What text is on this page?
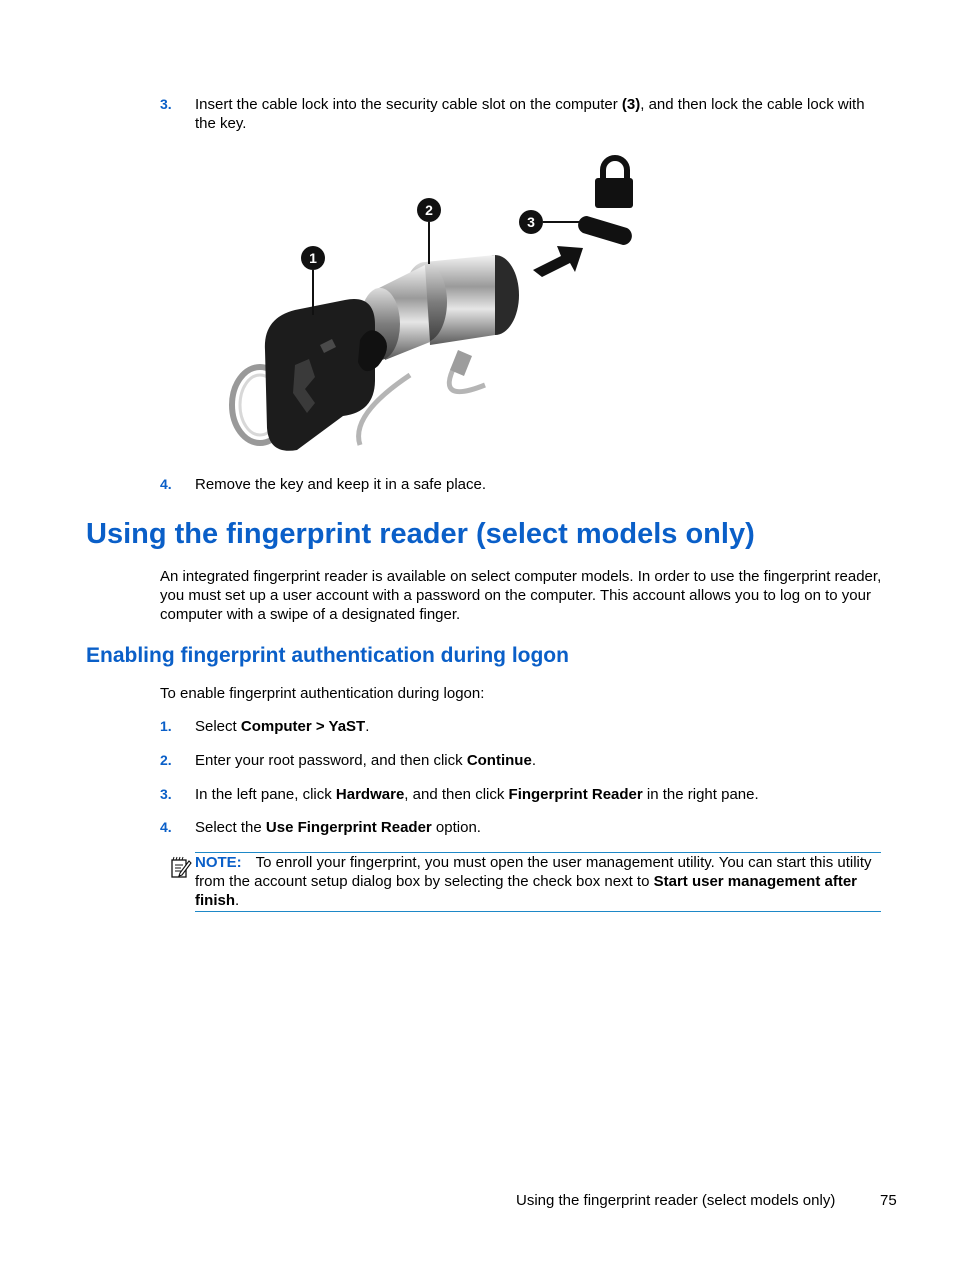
3. Insert the cable lock into the security cable slot on the computer (3), and then lock the cable lock with the key.
1
2
3
4. Remove the key and keep it in a safe place.
Using the fingerprint reader (select models only)
An integrated fingerprint reader is available on select computer models. In order to use the fingerprint reader, you must set up a user account with a password on the computer. This account allows you to log on to your computer with a swipe of a designated finger.
Enabling fingerprint authentication during logon
To enable fingerprint authentication during logon:
1. Select Computer > YaST.
2. Enter your root password, and then click Continue.
3. In the left pane, click Hardware, and then click Fingerprint Reader in the right pane.
4. Select the Use Fingerprint Reader option.
NOTE: To enroll your fingerprint, you must open the user management utility. You can start this utility from the account setup dialog box by selecting the check box next to Start user management after finish.
Using the fingerprint reader (select models only)	75
